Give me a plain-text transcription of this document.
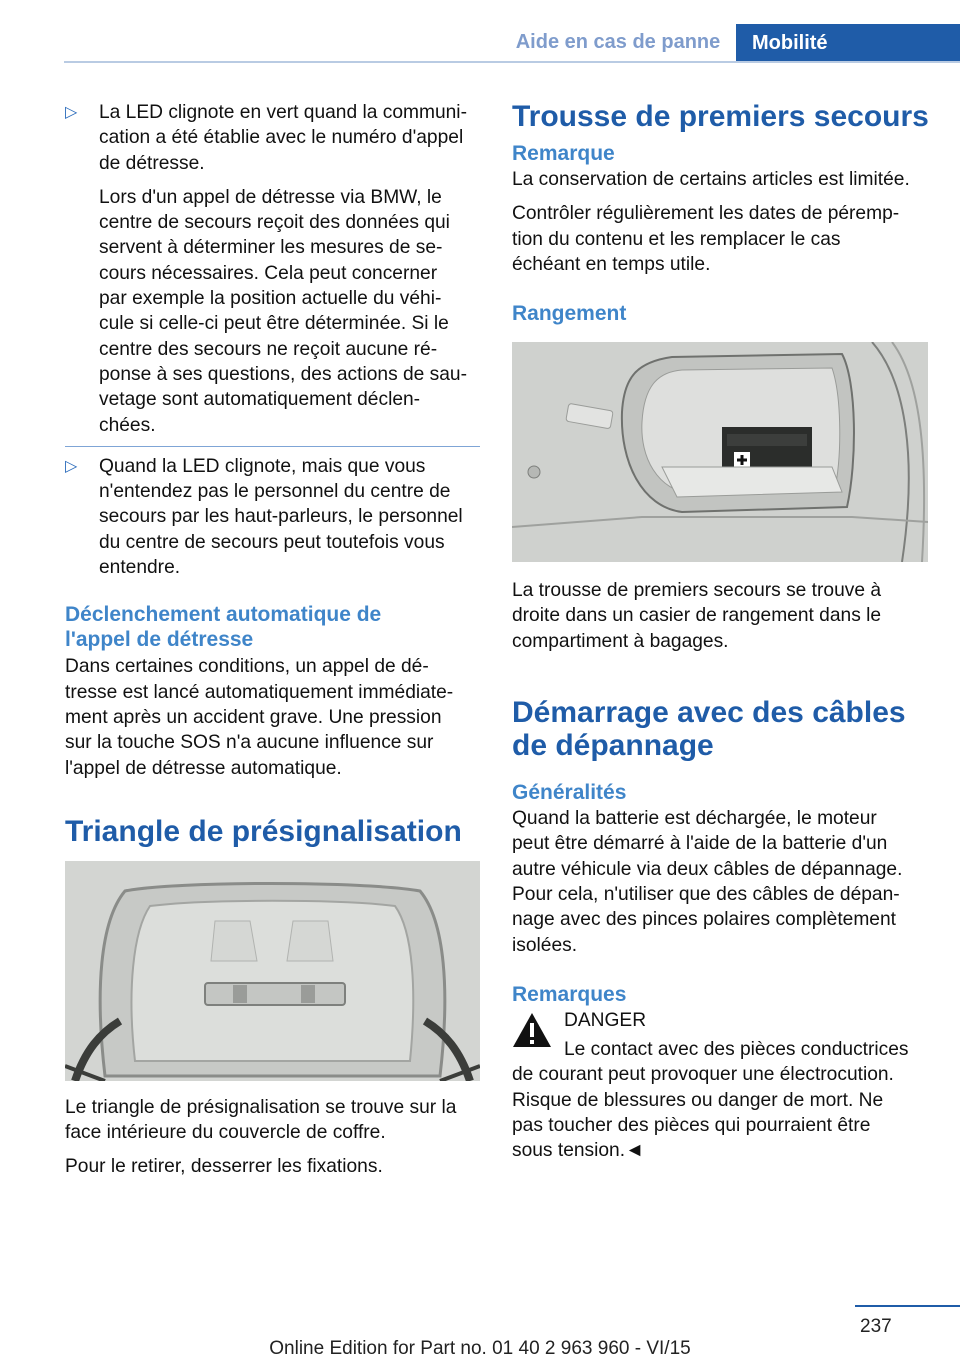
Aide en cas de panne	Mobilité
▷ La LED clignote en vert quand la communi-
cation a été établie avec le numéro d'appel
de détresse.

Lors d'un appel de détresse via BMW, le

centre de secours reçoit des données qui

servent à déterminer les mesures de se-

cours nécessaires. Cela peut concerner

par exemple la position actuelle du véhi-

cule si celle-ci peut être déterminée. Si le

centre des secours ne reçoit aucune ré-

ponse à ses questions, des actions de sau-

vetage sont automatiquement déclen-

chées.

▷ Quand la LED clignote, mais que vous

n'entendez pas le personnel du centre de

secours par les haut-parleurs, le personnel

du centre de secours peut toutefois vous

entendre.

Déclenchement automatique de

l'appel de détresse

Dans certaines conditions, un appel de dé-

tresse est lancé automatiquement immédiate-

ment après un accident grave. Une pression

sur la touche SOS n'a aucune influence sur

l'appel de détresse automatique.

Triangle de présignalisation

Le triangle de présignalisation se trouve sur la

face intérieure du couvercle de coffre.

Pour le retirer, desserrer les fixations.

Trousse de premiers secours

Remarque

La conservation de certains articles est limitée.

Contrôler régulièrement les dates de péremp-

tion du contenu et les remplacer le cas

échéant en temps utile.

Rangement

La trousse de premiers secours se trouve à

droite dans un casier de rangement dans le

compartiment à bagages.

Démarrage avec des câbles

de dépannage

Généralités

Quand la batterie est déchargée, le moteur

peut être démarré à l'aide de la batterie d'un

autre véhicule via deux câbles de dépannage.

Pour cela, n'utiliser que des câbles de dépan-

nage avec des pinces polaires complètement

isolées.

Remarques

DANGER

Le contact avec des pièces conductrices

de courant peut provoquer une électrocution.

Risque de blessures ou danger de mort. Ne

pas toucher des pièces qui pourraient être

sous tension.◄

237
Online Edition for Part no. 01 40 2 963 960 - VI/15
